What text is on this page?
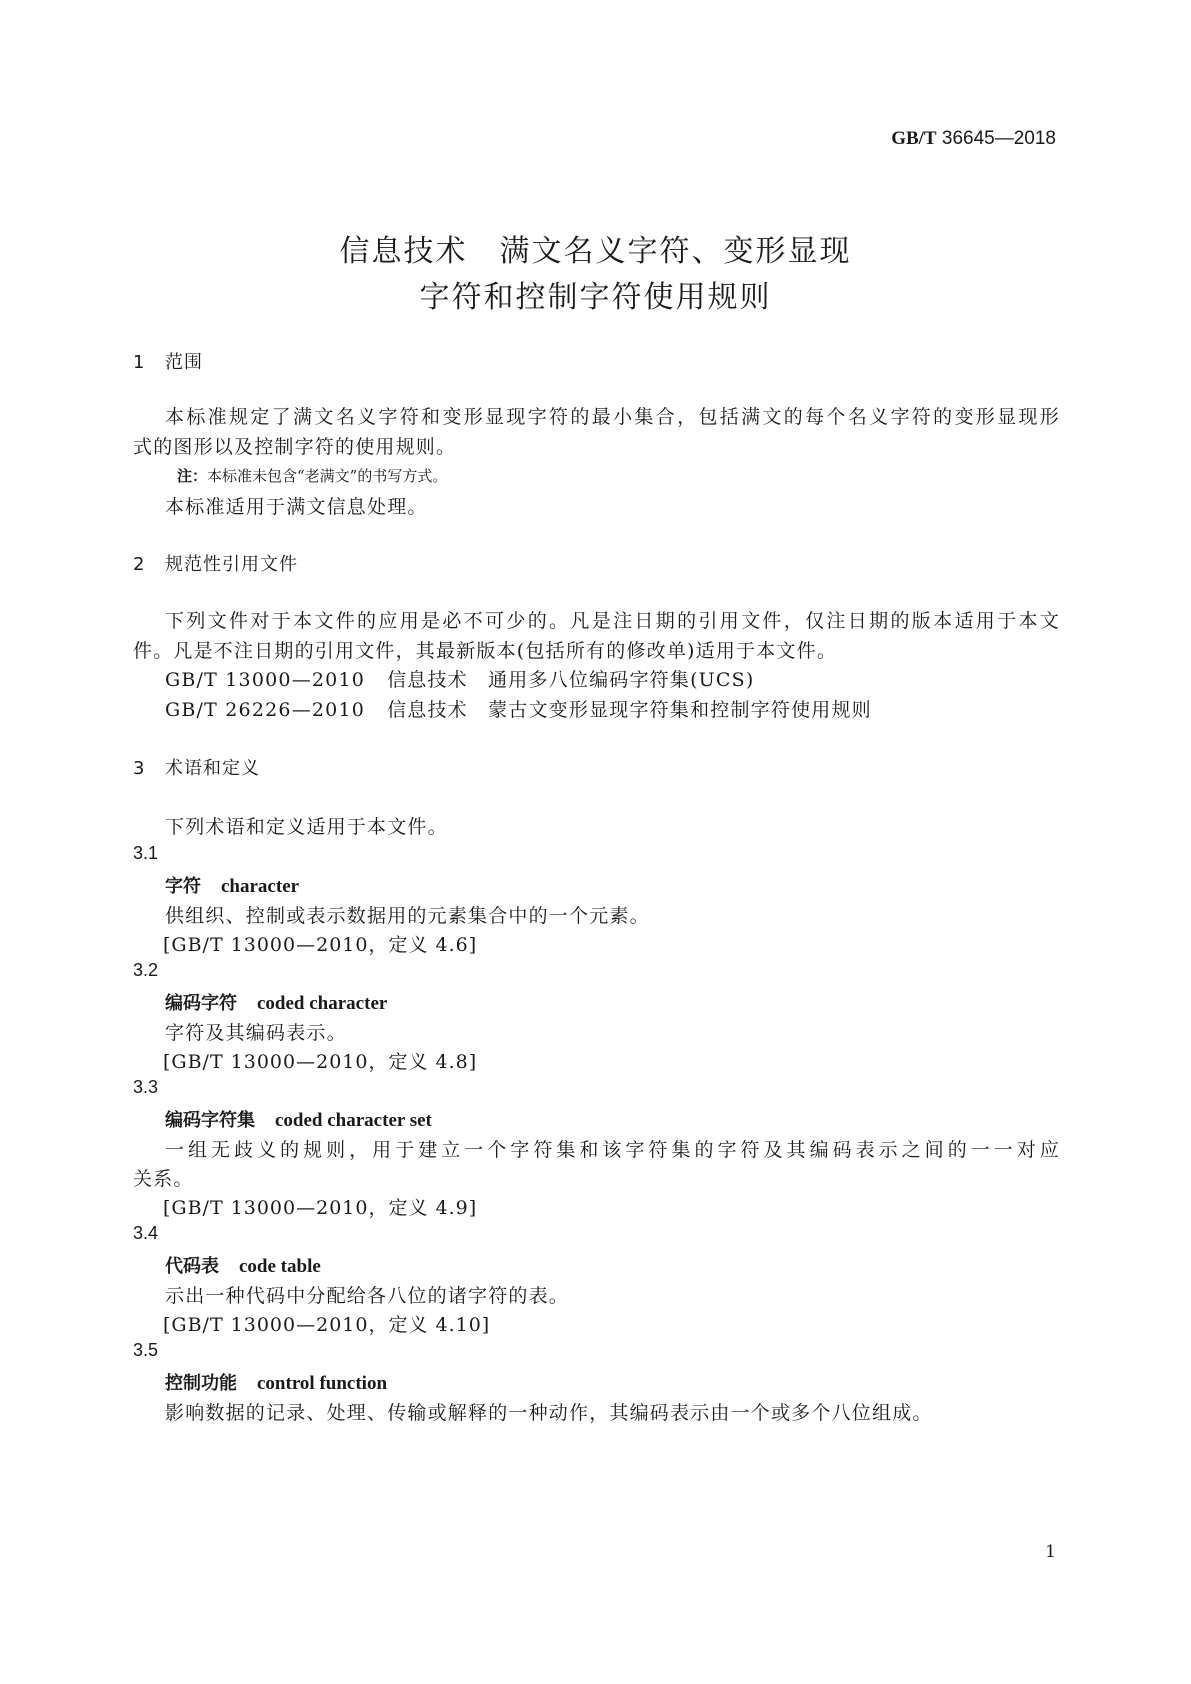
GB/T 36645—2018
信息技术　满文名义字符、变形显现
字符和控制字符使用规则
1 范围
本标准规定了满文名义字符和变形显现字符的最小集合，包括满文的每个名义字符的变形显现形
式的图形以及控制字符的使用规则。
注：本标准未包含“老满文”的书写方式。
本标准适用于满文信息处理。
2 规范性引用文件
下列文件对于本文件的应用是必不可少的。凡是注日期的引用文件，仅注日期的版本适用于本文
件。凡是不注日期的引用文件，其最新版本(包括所有的修改单)适用于本文件。
GB/T 13000—2010 信息技术　通用多八位编码字符集(UCS)
GB/T 26226—2010 信息技术　蒙古文变形显现字符集和控制字符使用规则
3 术语和定义
下列术语和定义适用于本文件。
3.1
字符 character
供组织、控制或表示数据用的元素集合中的一个元素。
[GB/T 13000—2010，定义 4.6]
3.2
编码字符 coded character
字符及其编码表示。
[GB/T 13000—2010，定义 4.8]
3.3
编码字符集 coded character set
一组无歧义的规则，用于建立一个字符集和该字符集的字符及其编码表示之间的一一对应
关系。
[GB/T 13000—2010，定义 4.9]
3.4
代码表 code table
示出一种代码中分配给各八位的诸字符的表。
[GB/T 13000—2010，定义 4.10]
3.5
控制功能 control function
影响数据的记录、处理、传输或解释的一种动作，其编码表示由一个或多个八位组成。
1
